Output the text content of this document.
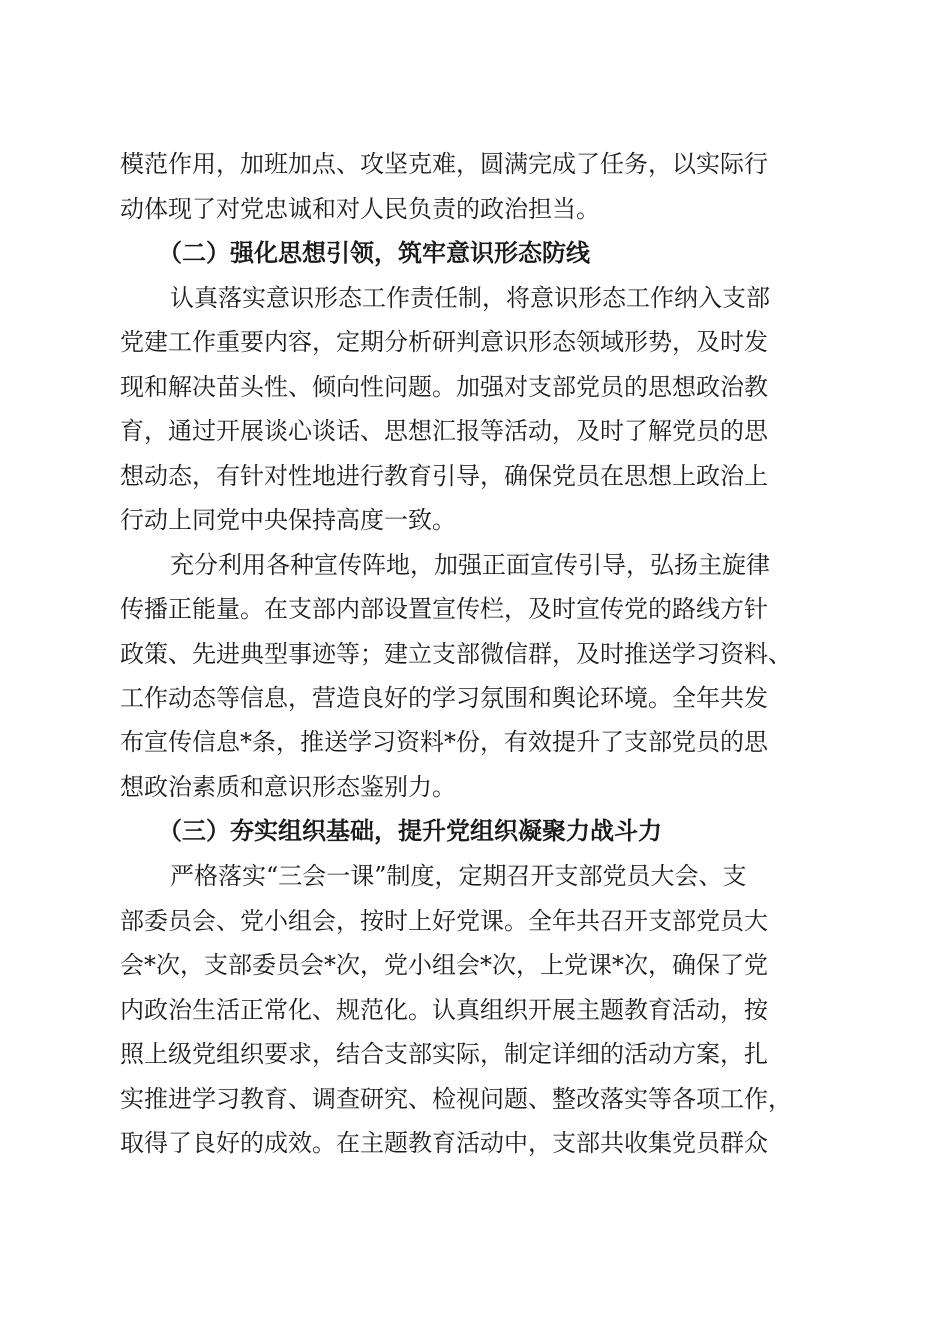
模范作用，加班加点、攻坚克难，圆满完成了任务，以实际行

动体现了对党忠诚和对人民负责的政治担当。

（二）强化思想引领，筑牢意识形态防线

认真落实意识形态工作责任制，将意识形态工作纳入支部

党建工作重要内容，定期分析研判意识形态领域形势，及时发

现和解决苗头性、倾向性问题。加强对支部党员的思想政治教

育，通过开展谈心谈话、思想汇报等活动，及时了解党员的思

想动态，有针对性地进行教育引导，确保党员在思想上政治上

行动上同党中央保持高度一致。

充分利用各种宣传阵地，加强正面宣传引导，弘扬主旋律

传播正能量。在支部内部设置宣传栏，及时宣传党的路线方针

政策、先进典型事迹等；建立支部微信群，及时推送学习资料、

工作动态等信息，营造良好的学习氛围和舆论环境。全年共发

布宣传信息*条，推送学习资料*份，有效提升了支部党员的思

想政治素质和意识形态鉴别力。

（三）夯实组织基础，提升党组织凝聚力战斗力

严格落实“三会一课”制度，定期召开支部党员大会、支

部委员会、党小组会，按时上好党课。全年共召开支部党员大

会*次，支部委员会*次，党小组会*次，上党课*次，确保了党

内政治生活正常化、规范化。认真组织开展主题教育活动，按

照上级党组织要求，结合支部实际，制定详细的活动方案，扎

实推进学习教育、调查研究、检视问题、整改落实等各项工作，

取得了良好的成效。在主题教育活动中，支部共收集党员群众
